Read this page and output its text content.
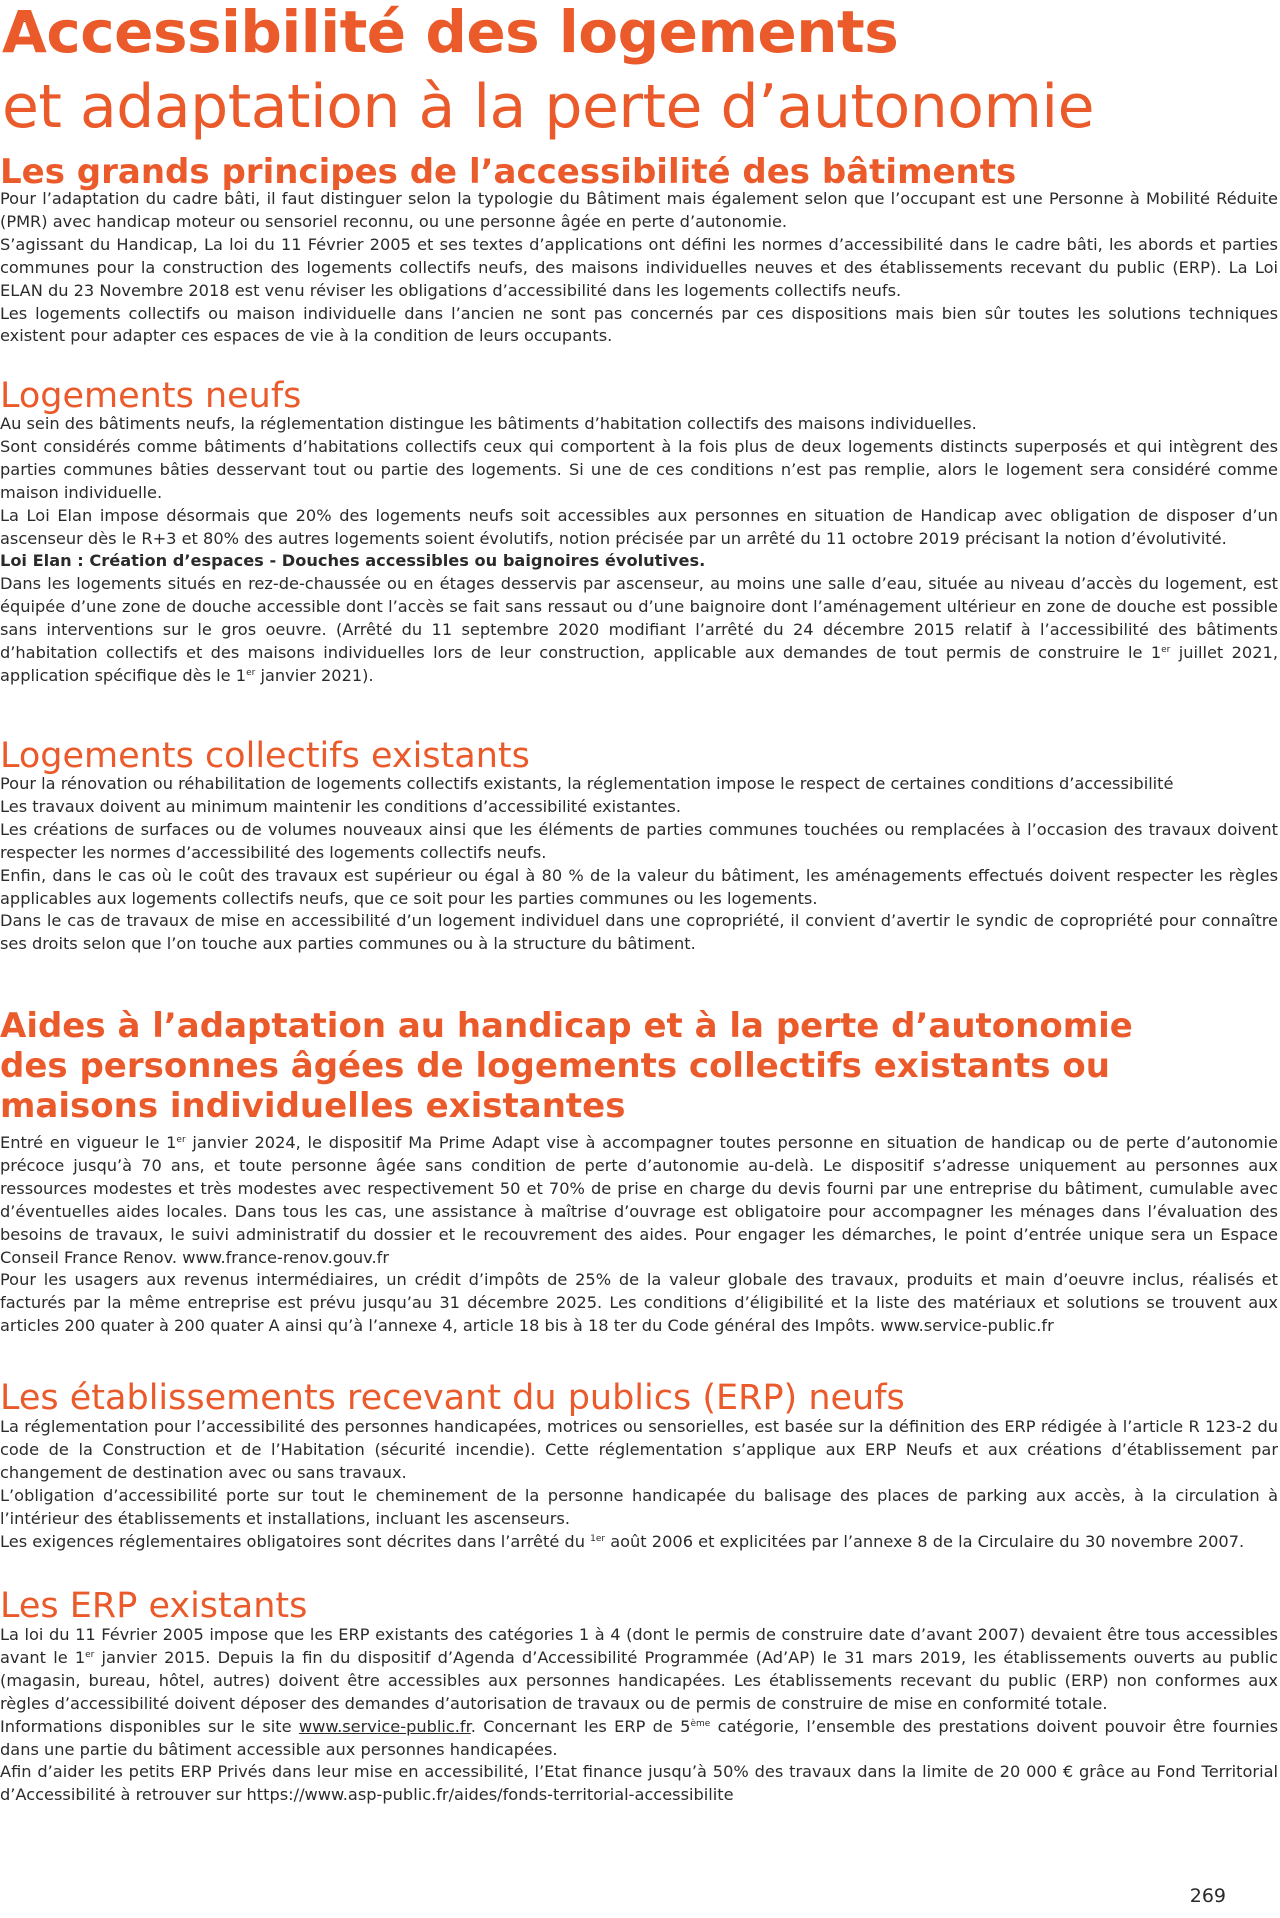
Accessibilité des logements
et adaptation à la perte d’autonomie
Les grands principes de l’accessibilité des bâtiments

Pour l’adaptation du cadre bâti, il faut distinguer selon la typologie du Bâtiment mais également selon que l’occupant est une Personne à Mobilité Réduite (PMR) avec handicap moteur ou sensoriel reconnu, ou une personne âgée en perte d’autonomie.

S’agissant du Handicap, La loi du 11 Février 2005 et ses textes d’applications ont défini les normes d’accessibilité dans le cadre bâti, les abords et parties communes pour la construction des logements collectifs neufs, des maisons individuelles neuves et des établissements recevant du public (ERP). La Loi ELAN du 23 Novembre 2018 est venu réviser les obligations d’accessibilité dans les logements collectifs neufs.

Les logements collectifs ou maison individuelle dans l’ancien ne sont pas concernés par ces dispositions mais bien sûr toutes les solutions techniques existent pour adapter ces espaces de vie à la condition de leurs occupants.

Logements neufs

Au sein des bâtiments neufs, la réglementation distingue les bâtiments d’habitation collectifs des maisons individuelles.

Sont considérés comme bâtiments d’habitations collectifs ceux qui comportent à la fois plus de deux logements distincts superposés et qui intègrent des parties communes bâties desservant tout ou partie des logements. Si une de ces conditions n’est pas remplie, alors le logement sera considéré comme maison individuelle.

La Loi Elan impose désormais que 20% des logements neufs soit accessibles aux personnes en situation de Handicap avec obligation de disposer d’un ascenseur dès le R+3 et 80% des autres logements soient évolutifs, notion précisée par un arrêté du 11 octobre 2019 précisant la notion d’évolutivité.

Loi Elan : Création d’espaces - Douches accessibles ou baignoires évolutives.

Dans les logements situés en rez-de-chaussée ou en étages desservis par ascenseur, au moins une salle d’eau, située au niveau d’accès du logement, est équipée d’une zone de douche accessible dont l’accès se fait sans ressaut ou d’une baignoire dont l’aménagement ultérieur en zone de douche est possible sans interventions sur le gros oeuvre. (Arrêté du 11 septembre 2020 modifiant l’arrêté du 24 décembre 2015 relatif à l’accessibilité des bâtiments d’habitation collectifs et des maisons individuelles lors de leur construction, applicable aux demandes de tout permis de construire le 1er juillet 2021, application spécifique dès le 1er janvier 2021).

Logements collectifs existants

Pour la rénovation ou réhabilitation de logements collectifs existants, la réglementation impose le respect de certaines conditions d’accessibilité

Les travaux doivent au minimum maintenir les conditions d’accessibilité existantes.

Les créations de surfaces ou de volumes nouveaux ainsi que les éléments de parties communes touchées ou remplacées à l’occasion des travaux doivent respecter les normes d’accessibilité des logements collectifs neufs.

Enfin, dans le cas où le coût des travaux est supérieur ou égal à 80 % de la valeur du bâtiment, les aménagements effectués doivent respecter les règles applicables aux logements collectifs neufs, que ce soit pour les parties communes ou les logements.

Dans le cas de travaux de mise en accessibilité d’un logement individuel dans une copropriété, il convient d’avertir le syndic de copropriété pour connaître ses droits selon que l’on touche aux parties communes ou à la structure du bâtiment.

Aides à l’adaptation au handicap et à la perte d’autonomie des personnes âgées de logements collectifs existants ou maisons individuelles existantes

Entré en vigueur le 1er janvier 2024, le dispositif Ma Prime Adapt vise à accompagner toutes personne en situation de handicap ou de perte d’autonomie précoce jusqu’à 70 ans, et toute personne âgée sans condition de perte d’autonomie au-delà. Le dispositif s’adresse uniquement au personnes aux ressources modestes et très modestes avec respectivement 50 et 70% de prise en charge du devis fourni par une entreprise du bâtiment, cumulable avec d’éventuelles aides locales. Dans tous les cas, une assistance à maîtrise d’ouvrage est obligatoire pour accompagner les ménages dans l’évaluation des besoins de travaux, le suivi administratif du dossier et le recouvrement des aides. Pour engager les démarches, le point d’entrée unique sera un Espace Conseil France Renov. www.france-renov.gouv.fr

Pour les usagers aux revenus intermédiaires, un crédit d’impôts de 25% de la valeur globale des travaux, produits et main d’oeuvre inclus, réalisés et facturés par la même entreprise est prévu jusqu’au 31 décembre 2025. Les conditions d’éligibilité et la liste des matériaux et solutions se trouvent aux articles 200 quater à 200 quater A ainsi qu’à l’annexe 4, article 18 bis à 18 ter du Code général des Impôts. www.service-public.fr

Les établissements recevant du publics (ERP) neufs

La réglementation pour l’accessibilité des personnes handicapées, motrices ou sensorielles, est basée sur la définition des ERP rédigée à l’article R 123-2 du code de la Construction et de l’Habitation (sécurité incendie). Cette réglementation s’applique aux ERP Neufs et aux créations d’établissement par changement de destination avec ou sans travaux.

L’obligation d’accessibilité porte sur tout le cheminement de la personne handicapée du balisage des places de parking aux accès, à la circulation à l’intérieur des établissements et installations, incluant les ascenseurs.

Les exigences réglementaires obligatoires sont décrites dans l’arrêté du $^{1er}$ août 2006 et explicitées par l’annexe 8 de la Circulaire du 30 novembre 2007.

Les ERP existants

La loi du 11 Février 2005 impose que les ERP existants des catégories 1 à 4 (dont le permis de construire date d’avant 2007) devaient être tous accessibles avant le 1er janvier 2015. Depuis la fin du dispositif d’Agenda d’Accessibilité Programmée (Ad’AP) le 31 mars 2019, les établissements ouverts au public (magasin, bureau, hôtel, autres) doivent être accessibles aux personnes handicapées. Les établissements recevant du public (ERP) non conformes aux règles d’accessibilité doivent déposer des demandes d’autorisation de travaux ou de permis de construire de mise en conformité totale.

Informations disponibles sur le site www.service-public.fr. Concernant les ERP de 5ème catégorie, l’ensemble des prestations doivent pouvoir être fournies dans une partie du bâtiment accessible aux personnes handicapées.

Afin d’aider les petits ERP Privés dans leur mise en accessibilité, l’Etat finance jusqu’à 50% des travaux dans la limite de 20 000 € grâce au Fond Territorial d’Accessibilité à retrouver sur https://www.asp-public.fr/aides/fonds-territorial-accessibilite

269
